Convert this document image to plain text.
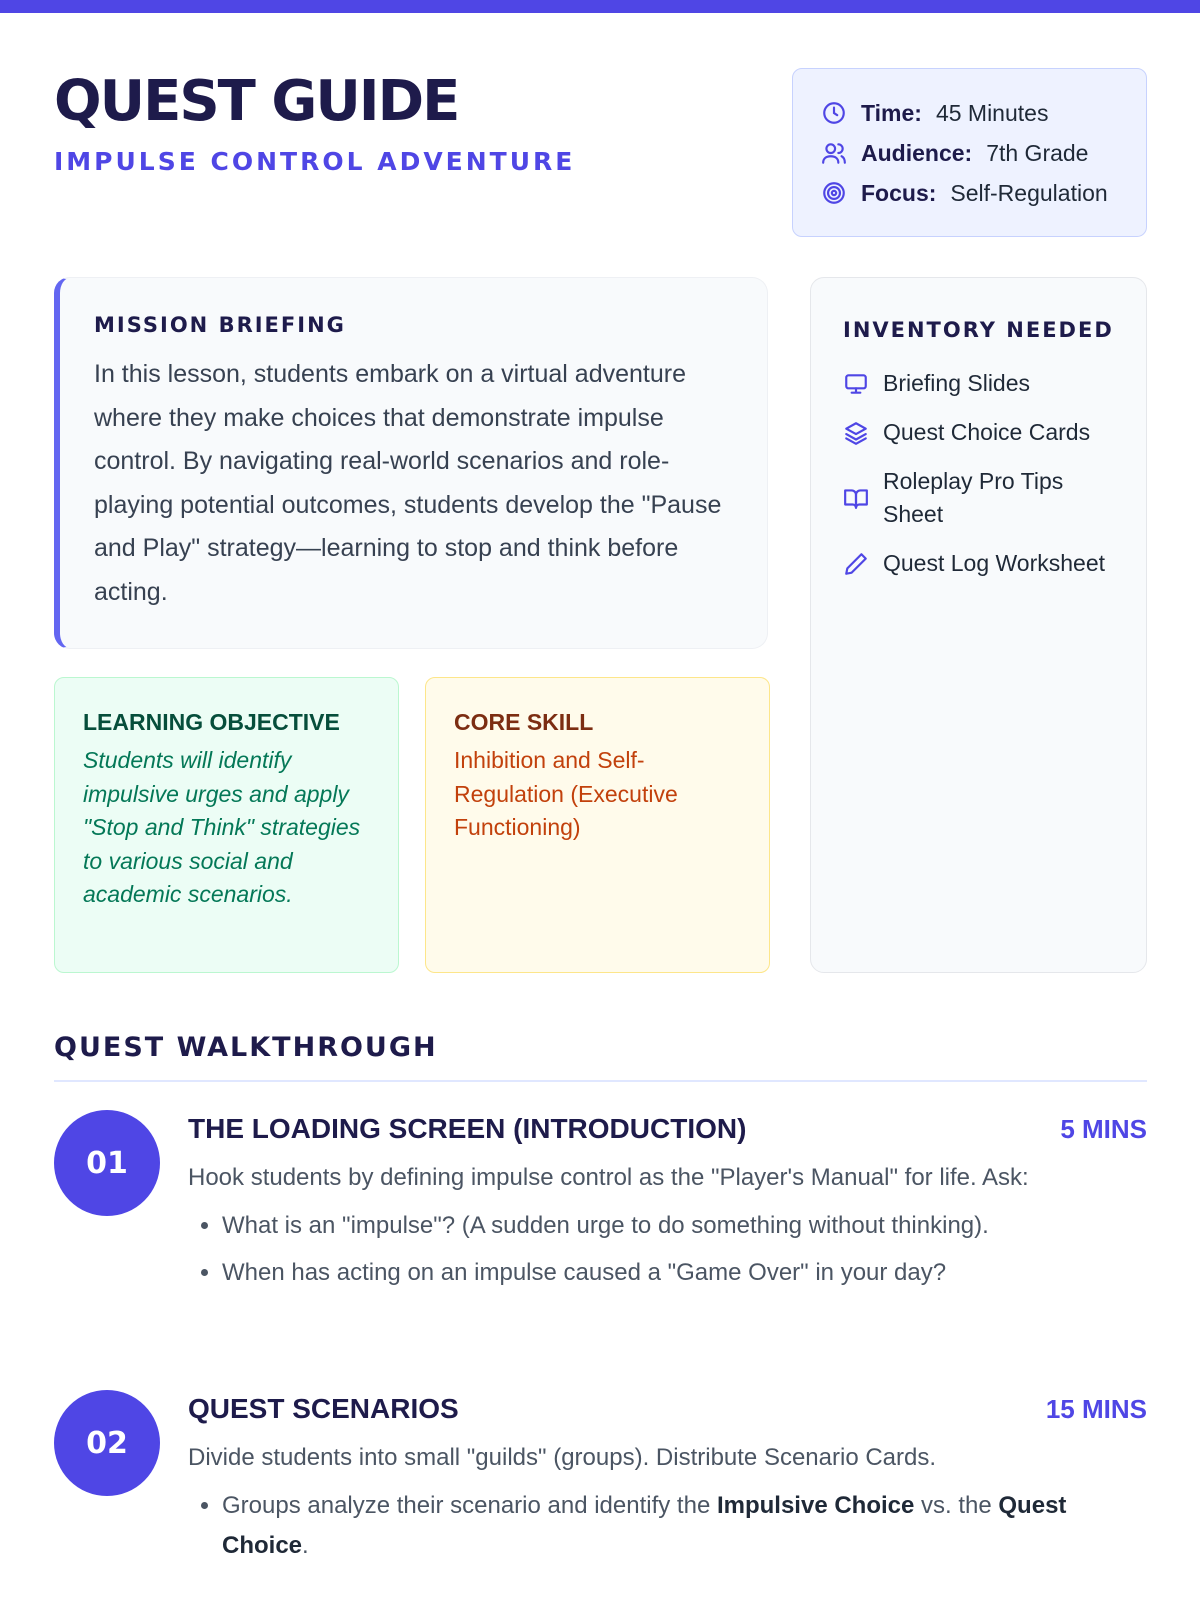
QUEST GUIDE
IMPULSE CONTROL ADVENTURE
Time: 45 Minutes
Audience: 7th Grade
Focus: Self-Regulation
MISSION BRIEFING

In this lesson, students embark on a virtual adventure where they make choices that demonstrate impulse control. By navigating real-world scenarios and role-playing potential outcomes, students develop the "Pause and Play" strategy—learning to stop and think before acting.

LEARNING OBJECTIVE

Students will identify impulsive urges and apply "Stop and Think" strategies to various social and academic scenarios.

CORE SKILL

Inhibition and Self-Regulation (Executive Functioning)

INVENTORY NEEDED
Briefing Slides
Quest Choice Cards
Roleplay Pro Tips Sheet
Quest Log Worksheet
QUEST WALKTHROUGH
01
THE LOADING SCREEN (INTRODUCTION)	5 MINS

Hook students by defining impulse control as the "Player's Manual" for life. Ask:

• What is an "impulse"? (A sudden urge to do something without thinking).
• When has acting on an impulse caused a "Game Over" in your day?
02
QUEST SCENARIOS	15 MINS

Divide students into small "guilds" (groups). Distribute Scenario Cards.

• Groups analyze their scenario and identify the Impulsive Choice vs. the Quest Choice.
